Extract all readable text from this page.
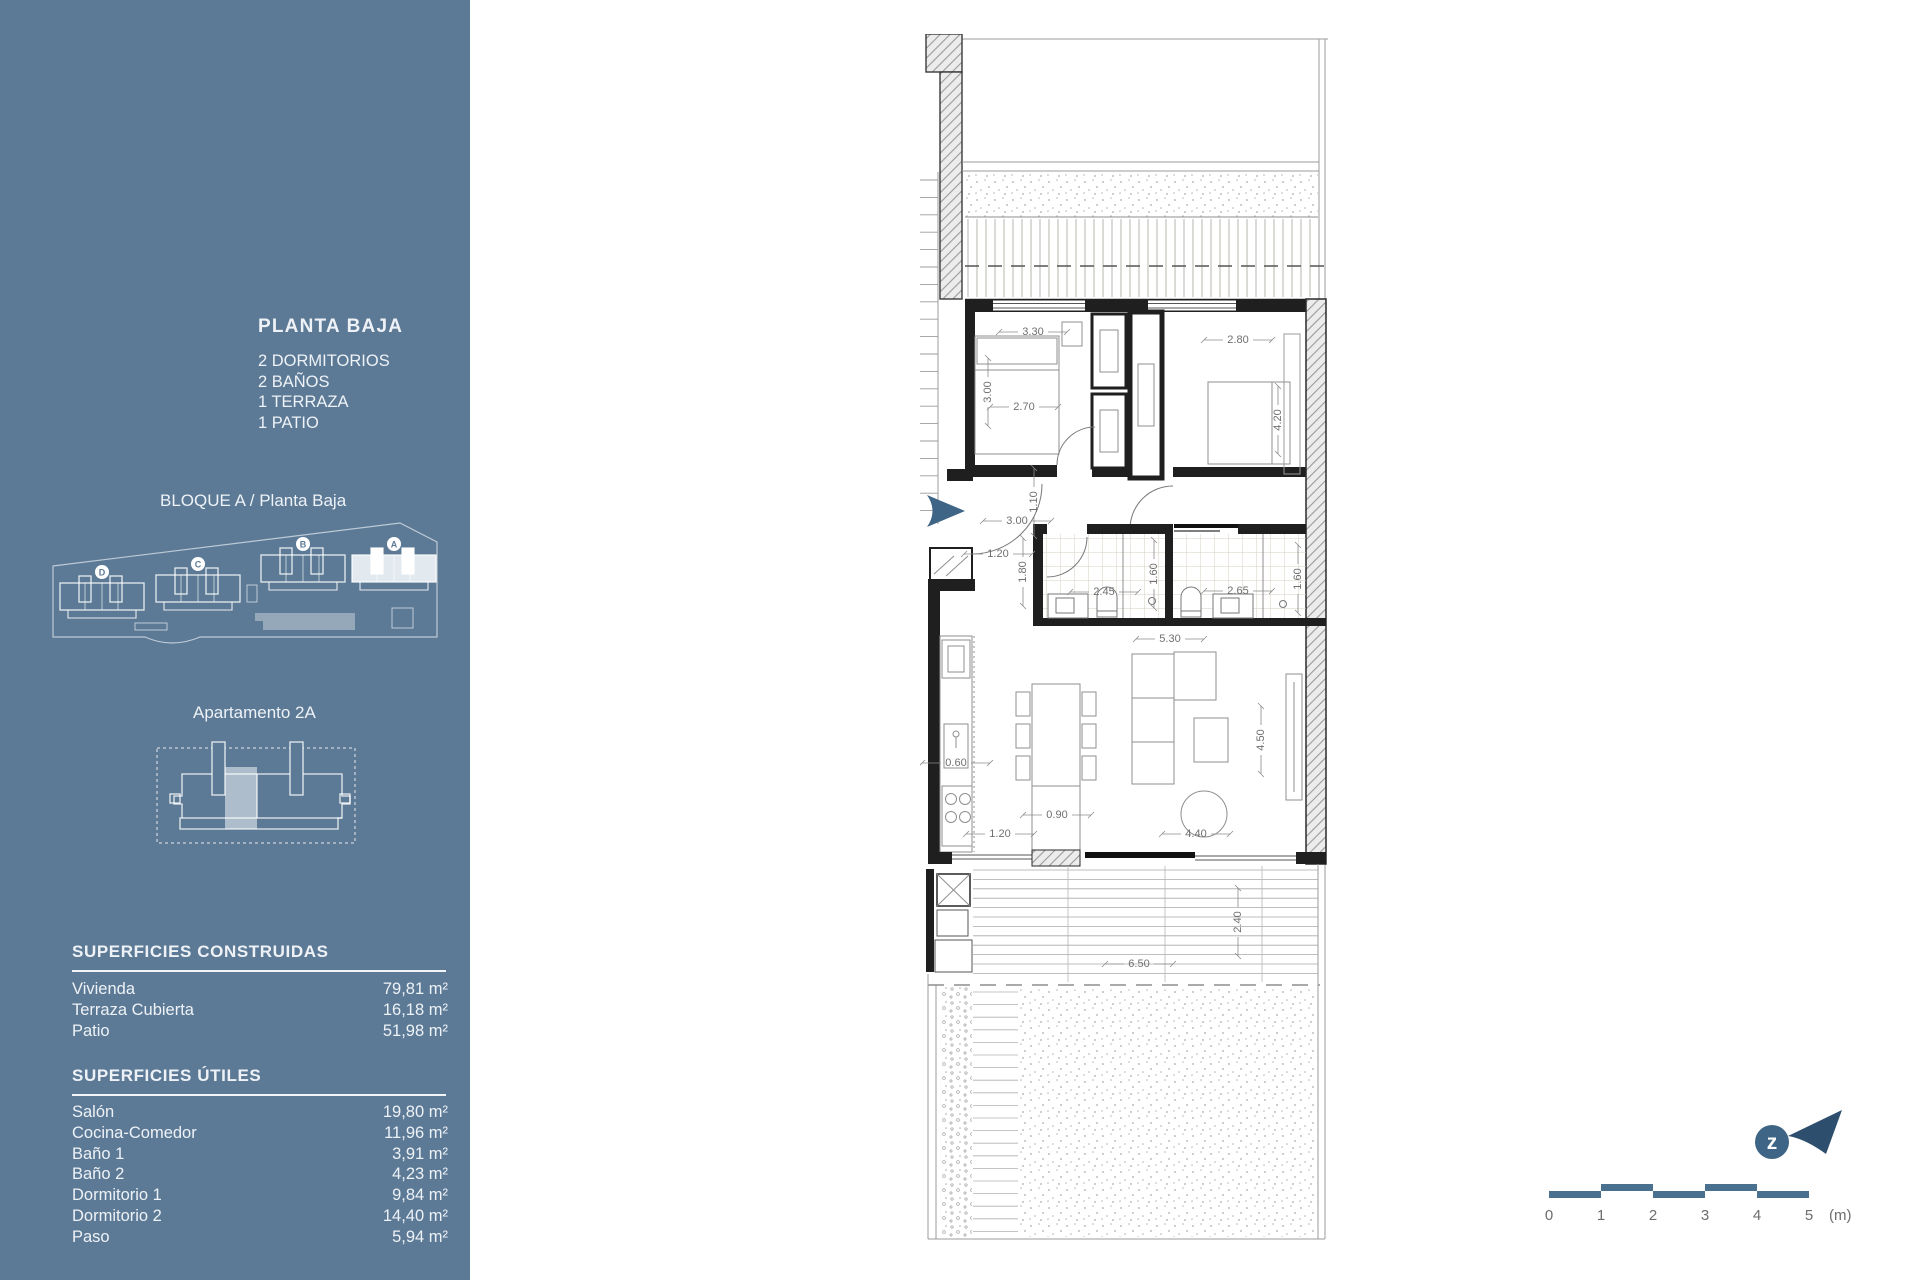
PLANTA BAJA
2 DORMITORIOS
2 BAÑOS
1 TERRAZA
1 PATIO
BLOQUE A / Planta Baja
D
C
B	A
Apartamento 2A
SUPERFICIES CONSTRUIDAS
Vivienda	79,81 m²
Terraza Cubierta	16,18 m²
Patio	51,98 m²
SUPERFICIES ÚTILES
Salón	19,80 m²
Cocina-Comedor	11,96 m²
Baño 1	3,91 m²
Baño 2	4,23 m²
Dormitorio 1	9,84 m²
Dormitorio 2	14,40 m²
Paso	5,94 m²
3.30
3.00
2.70
2.80
4.20
1.10
3.00
1.20
1.80
2.45
1.60
2.65
1.60
5.30
0.60
0.90
1.20	4.40
4.50
6.50
2.40
z
0	1	2	3	4	5 (m)
